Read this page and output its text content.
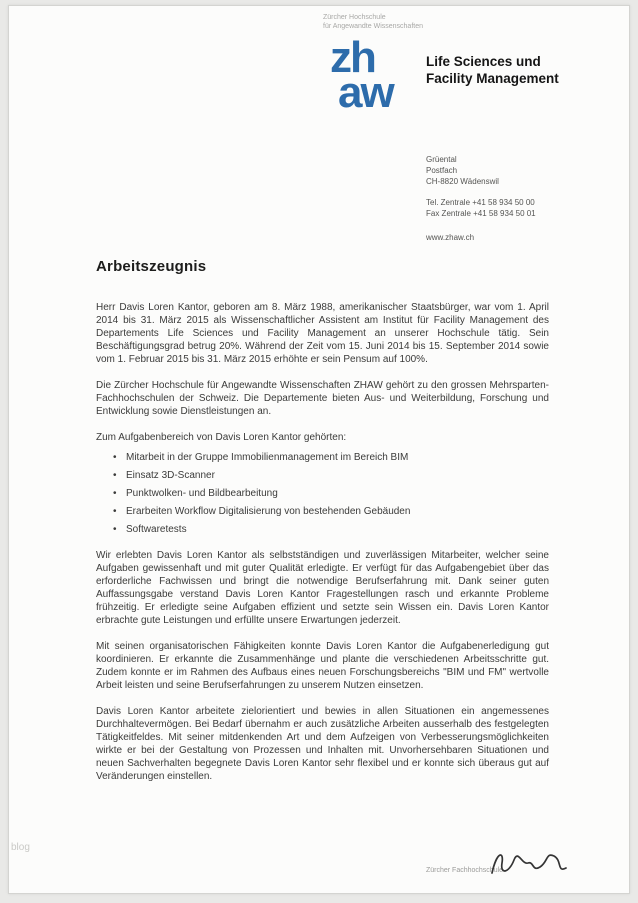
Zürcher Hochschule
für Angewandte Wissenschaften
zh
aw
Life Sciences und
Facility Management
Grüental
Postfach
CH-8820 Wädenswil
Tel. Zentrale +41 58 934 50 00
Fax Zentrale +41 58 934 50 01
www.zhaw.ch
Arbeitszeugnis

Herr Davis Loren Kantor, geboren am 8. März 1988, amerikanischer Staatsbürger, war vom 1. April 2014 bis 31. März 2015 als Wissenschaftlicher Assistent am Institut für Facility Management des Departements Life Sciences und Facility Management an unserer Hochschule tätig. Sein Beschäftigungsgrad betrug 20%. Während der Zeit vom 15. Juni 2014 bis 15. September 2014 sowie vom 1. Februar 2015 bis 31. März 2015 erhöhte er sein Pensum auf 100%.

Die Zürcher Hochschule für Angewandte Wissenschaften ZHAW gehört zu den grossen Mehrsparten-Fachhochschulen der Schweiz. Die Departemente bieten Aus- und Weiterbildung, Forschung und Entwicklung sowie Dienstleistungen an.

Zum Aufgabenbereich von Davis Loren Kantor gehörten:

• Mitarbeit in der Gruppe Immobilienmanagement im Bereich BIM
• Einsatz 3D-Scanner
• Punktwolken- und Bildbearbeitung
• Erarbeiten Workflow Digitalisierung von bestehenden Gebäuden
• Softwaretests

Wir erlebten Davis Loren Kantor als selbstständigen und zuverlässigen Mitarbeiter, welcher seine Aufgaben gewissenhaft und mit guter Qualität erledigte. Er verfügt für das Aufgabengebiet über das erforderliche Fachwissen und bringt die notwendige Berufserfahrung mit. Dank seiner guten Auffassungsgabe verstand Davis Loren Kantor Fragestellungen rasch und erkannte Probleme frühzeitig. Er erledigte seine Aufgaben effizient und setzte sein Wissen ein. Davis Loren Kantor erbrachte gute Leistungen und erfüllte unsere Erwartungen jederzeit.

Mit seinen organisatorischen Fähigkeiten konnte Davis Loren Kantor die Aufgabenerledigung gut koordinieren. Er erkannte die Zusammenhänge und plante die verschiedenen Arbeitsschritte gut. Zudem konnte er im Rahmen des Aufbaus eines neuen Forschungsbereichs "BIM und FM" wertvolle Arbeit leisten und seine Berufserfahrungen zu unserem Nutzen einsetzen.

Davis Loren Kantor arbeitete zielorientiert und bewies in allen Situationen ein angemessenes Durchhaltevermögen. Bei Bedarf übernahm er auch zusätzliche Arbeiten ausserhalb des festgelegten Tätigkeitfeldes. Mit seiner mitdenkenden Art und dem Aufzeigen von Verbesserungsmöglichkeiten wirkte er bei der Gestaltung von Prozessen und Inhalten mit. Unvorhersehbaren Situationen und neuen Sachverhalten begegnete Davis Loren Kantor sehr flexibel und er konnte sich überaus gut auf Veränderungen einstellen.

blog
Zürcher Fachhochschule
